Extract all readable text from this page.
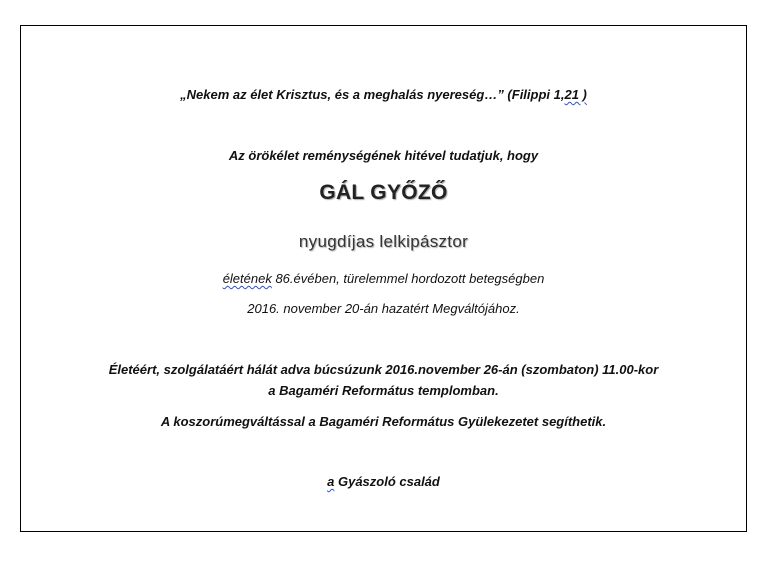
„Nekem az élet Krisztus, és a meghalás nyereség…” (Filippi 1,21 )
Az örökélet reménységének hitével tudatjuk, hogy
GÁL GYŐZŐ
nyugdíjas lelkipásztor
életének 86.évében, türelemmel hordozott betegségben
2016. november 20-án hazatért Megváltójához.
Életéért, szolgálatáért hálát adva búcsúzunk 2016.november 26-án (szombaton) 11.00-kor
a Bagaméri Református templomban.
A koszorúmegváltással a Bagaméri Református Gyülekezetet segíthetik.
a Gyászoló család
